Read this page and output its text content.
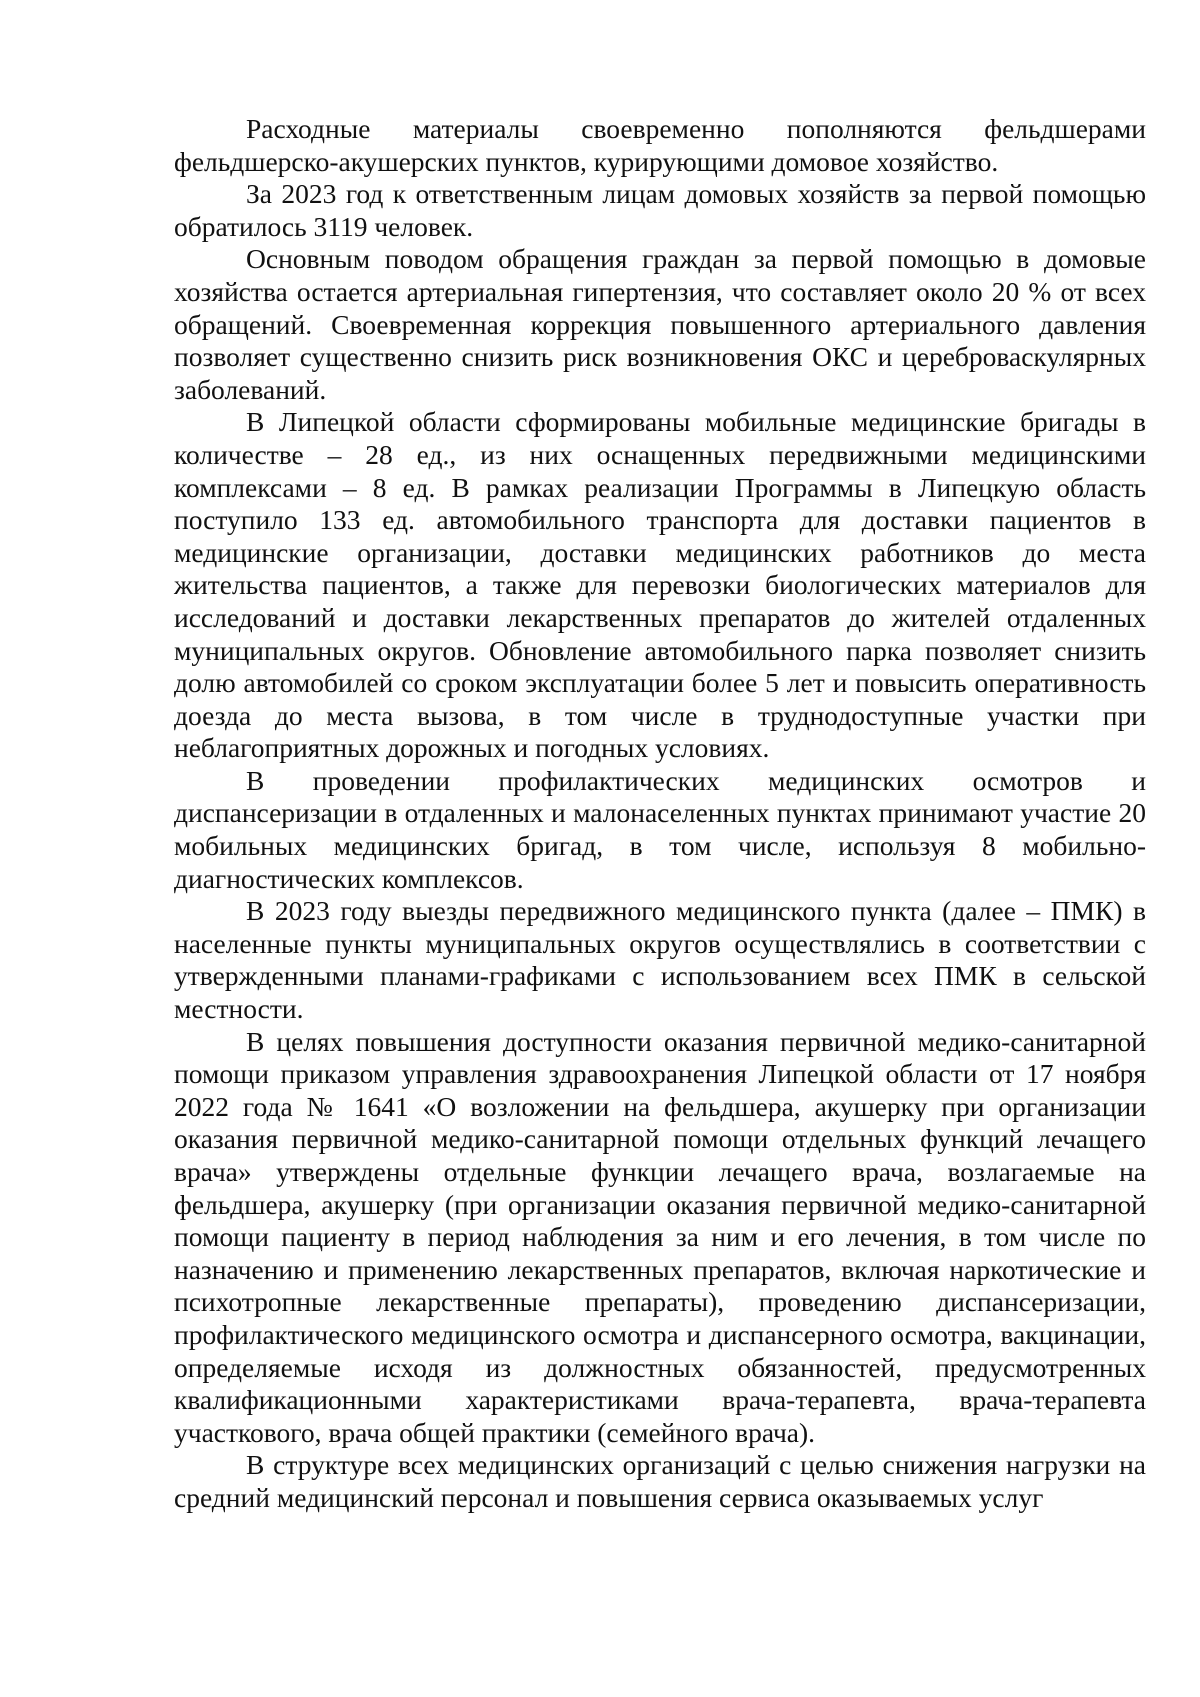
Расходные материалы своевременно пополняются фельдшерами фельдшерско-акушерских пунктов, курирующими домовое хозяйство.

За 2023 год к ответственным лицам домовых хозяйств за первой помощью обратилось 3119 человек.

Основным поводом обращения граждан за первой помощью в домовые хозяйства остается артериальная гипертензия, что составляет около 20 % от всех обращений. Своевременная коррекция повышенного артериального давления позволяет существенно снизить риск возникновения ОКС и цереброваскулярных заболеваний.

В Липецкой области сформированы мобильные медицинские бригады в количестве – 28 ед., из них оснащенных передвижными медицинскими комплексами – 8 ед. В рамках реализации Программы в Липецкую область поступило 133 ед. автомобильного транспорта для доставки пациентов в медицинские организации, доставки медицинских работников до места жительства пациентов, а также для перевозки биологических материалов для исследований и доставки лекарственных препаратов до жителей отдаленных муниципальных округов. Обновление автомобильного парка позволяет снизить долю автомобилей со сроком эксплуатации более 5 лет и повысить оперативность доезда до места вызова, в том числе в труднодоступные участки при неблагоприятных дорожных и погодных условиях.

В проведении профилактических медицинских осмотров и диспансеризации в отдаленных и малонаселенных пунктах принимают участие 20 мобильных медицинских бригад, в том числе, используя 8 мобильно-диагностических комплексов.

В 2023 году выезды передвижного медицинского пункта (далее – ПМК) в населенные пункты муниципальных округов осуществлялись в соответствии с утвержденными планами-графиками с использованием всех ПМК в сельской местности.

В целях повышения доступности оказания первичной медико-санитарной помощи приказом управления здравоохранения Липецкой области от 17 ноября 2022 года № 1641 «О возложении на фельдшера, акушерку при организации оказания первичной медико-санитарной помощи отдельных функций лечащего врача» утверждены отдельные функции лечащего врача, возлагаемые на фельдшера, акушерку (при организации оказания первичной медико-санитарной помощи пациенту в период наблюдения за ним и его лечения, в том числе по назначению и применению лекарственных препаратов, включая наркотические и психотропные лекарственные препараты), проведению диспансеризации, профилактического медицинского осмотра и диспансерного осмотра, вакцинации, определяемые исходя из должностных обязанностей, предусмотренных квалификационными характеристиками врача-терапевта, врача-терапевта участкового, врача общей практики (семейного врача).

В структуре всех медицинских организаций с целью снижения нагрузки на средний медицинский персонал и повышения сервиса оказываемых услуг
